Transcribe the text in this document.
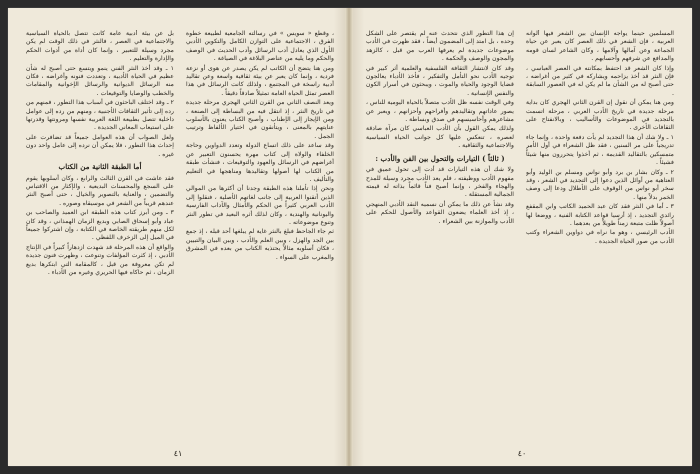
، وقطع « سويس » في رسالته الجامعية لطبيعة خطوة الفرق ، الاجتماعية على التوازن الكامل والتكوين الأدبي الأول الذي يعادل أدب الرسائل وأدب الحديث في الوصف والحكم وما يليه من عناصر البلاغة في الصياغة .

ومن هنا يتضح أن الكاتب لم يكن يصدر عن هوى أو نزعة فردية ، وإنما كان يعبر عن بيئة ثقافية واسعة وعن تقاليد أدبية راسخة في المجتمع ، ولذلك كانت الرسائل في هذا العصر تمثل الحياة العامة تمثيلاً صادقاً دقيقاً .

ويعد النصف الثاني من القرن الثاني الهجري مرحلة جديدة في تاريخ النثر ، إذ انتقل فيه من البساطة إلى الصنعة ، ومن الإيجاز إلى الإطناب ، وأصبح الكتاب يعنون بالأسلوب عنايتهم بالمعنى ، ويتأنقون في اختيار الألفاظ وترتيب الجمل .

وقد ساعد على ذلك اتساع الدولة وتعدد الدواوين وحاجة الخلفاء والولاة إلى كتاب مهرة يحسنون التعبير عن أغراضهم في الرسائل والعهود والتوقيعات ، فنشأت طبقة من الكتاب لها أصولها وتقاليدها ومناهجها في التعليم والتأليف .

ونحن إذا تأملنا هذه الطبقة وجدنا أن أكثرها من الموالي الذين أتقنوا العربية إلى جانب لغاتهم الأصلية ، فنقلوا إلى الأدب العربي كثيراً من الحكم والأمثال والآداب الفارسية واليونانية والهندية ، وكان لذلك أثره البعيد في تطور النثر وتنوع موضوعاته .

ثم جاء الجاحظ فبلغ بالنثر غاية لم يبلغها أحد قبله ، إذ جمع بين الجد والهزل ، وبين العلم والأدب ، وبين البيان والتبيين ، فكان أسلوبه مثالاً يحتذيه الكتاب من بعده في المشرق والمغرب على السواء .

بل عن بيئة أدبية عامة كانت تتصل بالحياة السياسية والاجتماعية في العصر ، فالنثر في ذلك الوقت لم يكن مجرد وسيلة للتعبير ، وإنما كان أداة من أدوات الحكم والإدارة والتعليم .

١ ـ وقد أخذ النثر الفني ينمو ويتسع حتى أصبح له شأن عظيم في الحياة الأدبية ، وتعددت فنونه وأغراضه ، فكان منه الرسائل الديوانية والرسائل الإخوانية والمقامات والخطب والوصايا والتوقيعات .

٢ ـ وقد اختلف الباحثون في أسباب هذا التطور ، فمنهم من رده إلى تأثير الثقافات الأجنبية ، ومنهم من رده إلى عوامل داخلية تتصل بطبيعة اللغة العربية نفسها ومرونتها وقدرتها على استيعاب المعاني الجديدة .

ولعل الصواب أن هذه العوامل جميعاً قد تضافرت على إحداث هذا التطور ، فلا يمكن أن نرده إلى عامل واحد دون غيره .

أما الطبقة الثانية من الكتاب

فقد عاشت في القرن الثالث والرابع ، وكان أسلوبها يقوم على السجع والمحسنات البديعية ، والإكثار من الاقتباس والتضمين ، والعناية بالتصوير والخيال ، حتى أصبح النثر عندهم قريباً من الشعر في موسيقاه وصوره .

٣ ـ ومن أبرز كتاب هذه الطبقة ابن العميد والصاحب بن عباد وأبو إسحاق الصابي وبديع الزمان الهمذاني ، وقد كان لكل منهم طريقته الخاصة في الكتابة ، وإن اشتركوا جميعاً في الميل إلى الزخرف اللفظي .

والواقع أن هذه المرحلة قد شهدت ازدهاراً كبيراً في الإنتاج الأدبي ، إذ كثرت المؤلفات وتنوعت ، وظهرت فنون جديدة لم تكن معروفة من قبل ، كالمقامة التي ابتكرها بديع الزمان ، ثم حاكاه فيها الحريري وغيره من الأدباء .

٤١

المسلمين حينما يواجه الإنسان بين الشعر فيها ألوانه العربية ، فإن الشعر في ذلك العصر كان يعبر عن حياة الجماعة وعن آمالها وآلامها ، وكان الشاعر لسان قومه والمدافع عن شرفهم وأحسابهم .

وإذا كان الشعر قد احتفظ بمكانته في العصر العباسي ، فإن النثر قد أخذ يزاحمه ويشاركه في كثير من أغراضه ، حتى أصبح له من الشأن ما لم يكن له في العصور السابقة .

ومن هنا يمكن أن نقول إن القرن الثاني الهجري كان بداية مرحلة جديدة في تاريخ الأدب العربي ، مرحلة اتسمت بالتجديد في الموضوعات والأساليب ، وبالانفتاح على الثقافات الأخرى .

١ ـ ولا شك أن هذا التجديد لم يأت دفعة واحدة ، وإنما جاء تدريجياً على مر السنين ، فقد ظل الشعراء في أول الأمر متمسكين بالتقاليد القديمة ، ثم أخذوا يتحررون منها شيئاً فشيئاً .

٢ ـ وكان بشار بن برد وأبو نواس ومسلم بن الوليد وأبو العتاهية من أوائل الذين دعوا إلى التجديد في الشعر ، وقد سخر أبو نواس من الوقوف على الأطلال ودعا إلى وصف الخمر بدلاً منها .

٣ ـ أما في النثر فقد كان عبد الحميد الكاتب وابن المقفع رائدي التجديد ، إذ أرسيا قواعد الكتابة الفنية ، ووضعا لها أصولاً ظلت متبعة زمناً طويلاً من بعدهما .

الأدب الرئيسي ، وهو ما نراه في دواوين الشعراء وكتب الأدب من صور الحياة الجديدة .

إن هذا التطور الذي نتحدث عنه لم يقتصر على الشكل وحده ، بل امتد إلى المضمون أيضاً ، فقد ظهرت في الأدب موضوعات جديدة لم يعرفها العرب من قبل ، كالزهد والمجون والوصف والحكمة .

وقد كان لانتشار الثقافة الفلسفية والعلمية أثر كبير في توجيه الأدب نحو التأمل والتفكير ، فأخذ الأدباء يعالجون قضايا الوجود والحياة والموت ، ويبحثون في أسرار الكون والنفس الإنسانية .

وفي الوقت نفسه ظل الأدب متصلاً بالحياة اليومية للناس ، يصور عاداتهم وتقاليدهم وأفراحهم وأحزانهم ، ويعبر عن مشاعرهم وأحاسيسهم في صدق وبساطة .

ولذلك يمكن القول بأن الأدب العباسي كان مرآة صادقة لعصره ، تنعكس عليها كل جوانب الحياة السياسية والاجتماعية والثقافية .

( ثالثاً ) التيارات والتحول بين الفن والأدب :

ولا شك أن هذه التيارات قد أدت إلى تحول عميق في مفهوم الأدب ووظيفته ، فلم يعد الأدب مجرد وسيلة للمدح والهجاء والفخر ، وإنما أصبح فناً قائماً بذاته له قيمته الجمالية المستقلة .

وقد نشأ عن ذلك ما يمكن أن نسميه النقد الأدبي المنهجي ، إذ أخذ العلماء يضعون القواعد والأصول للحكم على الأدب والموازنة بين الشعراء .

٤٠
